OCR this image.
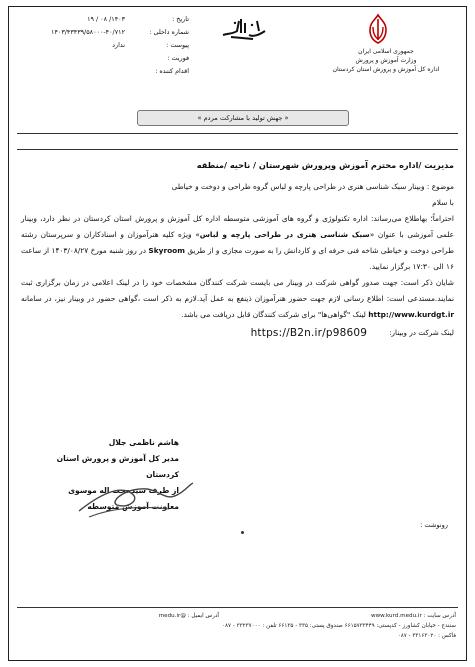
جمهوری اسلامی ایران
وزارت آموزش و پرورش
اداره کل آموزش و پرورش استان کردستان
تاریخ :
۱۴۰۳/ ۰۸ / ۱۹
شماره داخلی :
۱۴۰۳/۴۳۴۳۹/۵۸۰۰۰-۴۰/۷۱۲
پیوست :
ندارد
فوریت :
اقدام کننده :
« جهش تولید با مشارکت مردم »
مدیریت /اداره محترم آموزش وپرورش شهرستان / ناحیه /منطقه
موضوع : وبینار سبک شناسی هنری در طراحی پارچه و لباس گروه طراحی و دوخت و خیاطی
با سلام
احتراماً؛ بهاطلاع می‌رساند: اداره تکنولوژی و گروه های آموزشی متوسطه اداره کل آموزش و پرورش استان کردستان در نظر دارد، وبینار علمی آموزشی با عنوان «سبک شناسی هنری در طراحی پارچه و لباس» ویژه کلیه هنرآموزان و اسنادکاران و سرپرستان رشته طراحی دوخت و خیاطی شاخه فنی حرفه ای و کاردانش را به صورت مجازی و از طریق Skyroom در روز شنبه مورخ ۱۴۰۳/۰۸/۲۷ از ساعت ۱۶ الی ۱۷:۳۰ برگزار نمایید.
شایان ذکر است: جهت صدور گواهی شرکت در وبینار می بایست شرکت کنندگان مشخصات خود را در لینک اعلامی در زمان برگزاری ثبت نمایند.مستدعی است: اطلاع رسانی لازم جهت حضور هنرآموزان ذینفع به عمل آید.لازم به ذکر است ،گواهی حضور در وبینار نیز، در سامانه http://www.kurdgt.ir لینک "گواهی‌ها" برای شرکت کنندگان قابل دریافت می باشد.
لینک شرکت در وبینار:
https://B2n.ir/p98609
هاشم ناظمی جلال
مدیر کل آموزش و پرورش استان کردستان
از طرف سیدحجت اله موسوی
معاونت آموزش متوسطه
رونوشت :
آدرس سایت : www.kurd.medu.ir
سنندج - خیابان کشاورز - کدپستی: ۶۶۱۵۷۳۳۴۴۹ صندوق پستی: ۳۳۵ - ۶۶۱۳۵ تلفن : ۳۳۲۳۷۰۰۰ - ۰۸۷ فاکس : ۳۳۱۶۳۰۲۰ - ۰۸۷
آدرس ایمیل : @medu.ir
